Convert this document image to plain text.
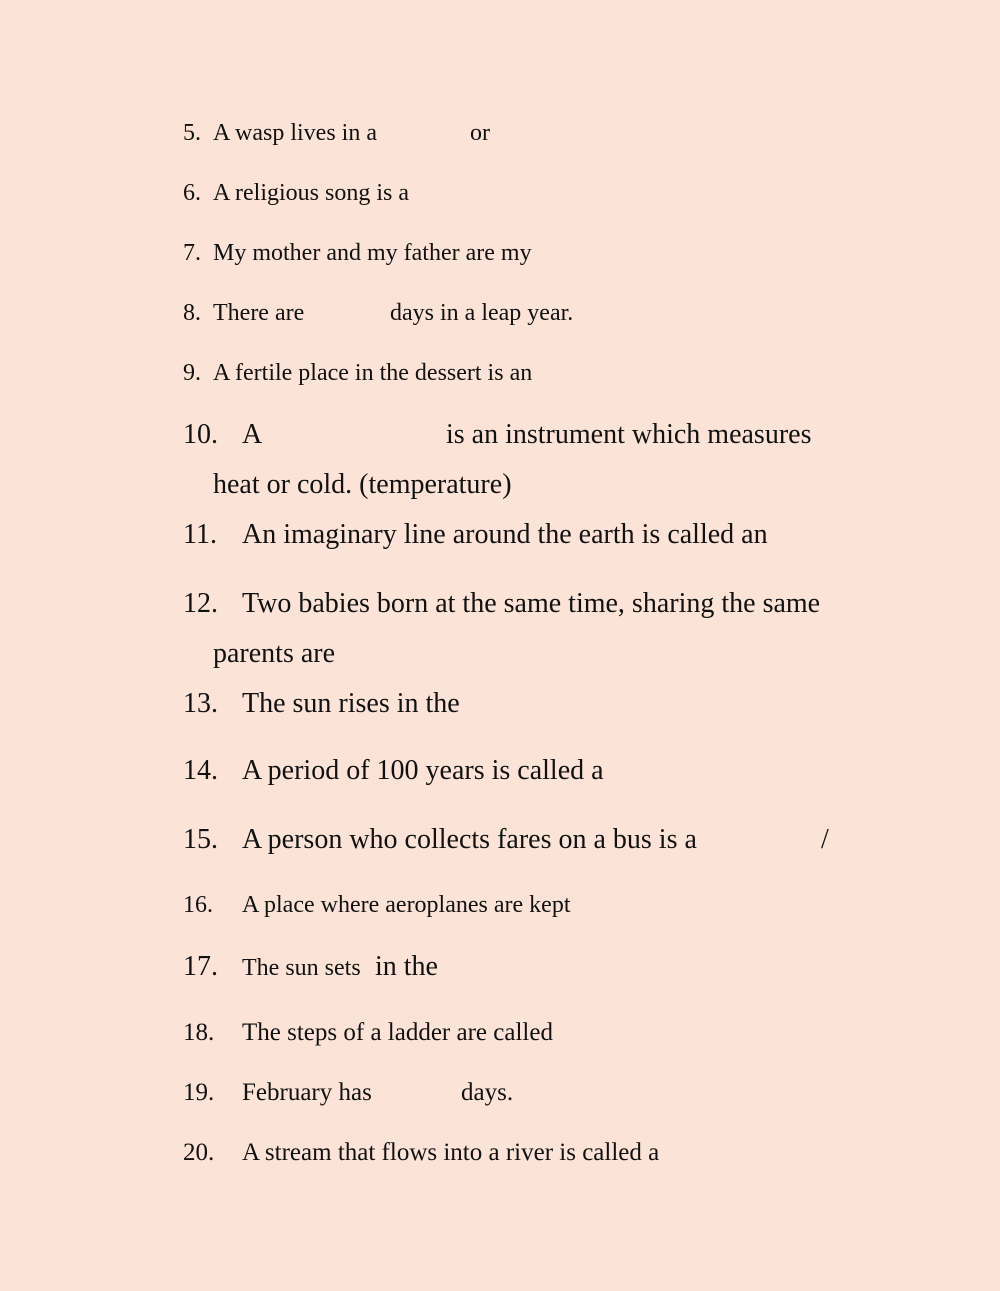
5. A wasp lives in a	or
6. A religious song is a
7. My mother and my father are my
8. There are	days in a leap year.
9. A fertile place in the dessert is an
10. A	is an instrument which measures
heat or cold. (temperature)
11. An imaginary line around the earth is called an
12. Two babies born at the same time, sharing the same
parents are
13. The sun rises in the
14. A period of 100 years is called a
15. A person who collects fares on a bus is a	/
16. A place where aeroplanes are kept
17. The sun sets in the
18. The steps of a ladder are called
19. February has	days.
20. A stream that flows into a river is called a
